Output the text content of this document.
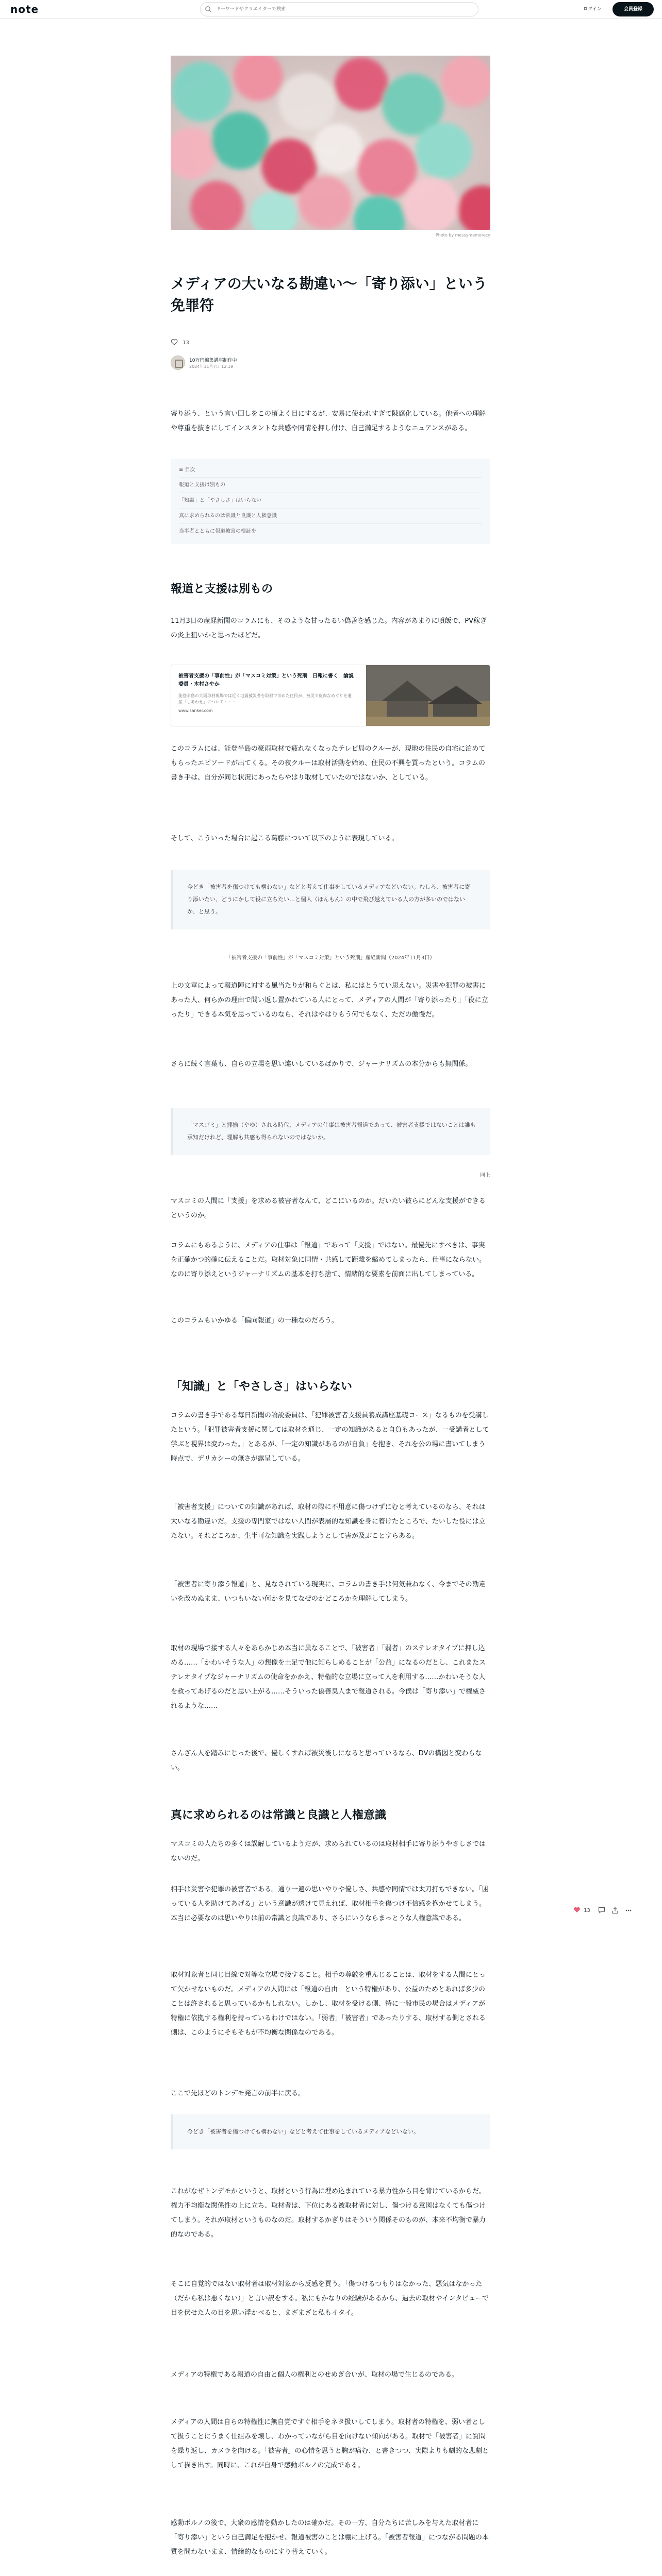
note
キーワードやクリエイターで検索	ログイン	会員登録
Photo by messymemorecy
メディアの大いなる勘違い〜「寄り添い」という免罪符
13
10万円編集講座制作中
2024年11月7日 12:19

寄り添う、という言い回しをこの頃よく目にするが、安易に使われすぎて陳腐化している。他者への理解や尊重を抜きにしてインスタントな共感や同情を押し付け、自己満足するようなニュアンスがある。

≡ 目次
報道と支援は別もの
「知識」と「やさしさ」はいらない
真に求められるのは常識と良識と人権意識
当事者とともに報道被害の検証を
報道と支援は別もの

11月3日の産経新聞のコラムにも、そのような甘ったるい偽善を感じた。内容があまりに噴飯で、PV稼ぎの炎上狙いかと思ったほどだ。

被害者支援の「事前性」が「マスコミ対策」という死刑　日報に書く　論説委員・木村さやか
能登半島の大雨取材現場では近く地震被災者を取材で泊めた住民が、被災で皮肉なめぐりを遺産「しあわせ」について・・・
www.sankei.com

このコラムには、能登半島の豪雨取材で疲れなくなったテレビ局のクルーが、現地の住民の自宅に泊めてもらったエピソードが出てくる。その夜クルーは取材活動を始め、住民の不興を買ったという。コラムの書き手は、自分が同じ状況にあったらやはり取材していたのではないか、としている。

そして、こういった場合に起こる葛藤について以下のように表現している。

今どき「被害者を傷つけても構わない」などと考えて仕事をしているメディアなどいない。むしろ、被害者に寄り添いたい、どうにかして役に立ちたい…と個人（ほんもん）の中で飛び越えている人の方が多いのではないか、と思う。
「被害者支援の「事前性」が「マスコミ対策」という死刑」産経新聞（2024年11月3日）

上の文章によって報道陣に対する風当たりが和らぐとは、私にはとうてい思えない。災害や犯罪の被害にあった人、何らかの理由で問い返し置かれている人にとって、メディアの人間が「寄り添ったり」「役に立ったり」できる本気を思っているのなら、それはやはりもう何でもなく、ただの傲慢だ。

さらに続く言葉も、自らの立場を思い違いしているばかりで、ジャーナリズムの本分からも無関係。

「マスゴミ」と揶揄（やゆ）される時代、メディアの仕事は被害者報道であって、被害者支援ではないことは誰も承知だけれど、理解も共感も得られないのではないか。
同上

マスコミの人間に「支援」を求める被害者なんて、どこにいるのか。だいたい彼らにどんな支援ができるというのか。

コラムにもあるように、メディアの仕事は「報道」であって「支援」ではない。最優先にすべきは、事実を正確かつ的確に伝えることだ。取材対象に同情・共感して距離を縮めてしまったら、仕事にならない。なのに寄り添えというジャーナリズムの基本を打ち捨て、情緒的な要素を前面に出してしまっている。

このコラムもいかゆる「偏向報道」の一種なのだろう。

「知識」と「やさしさ」はいらない

コラムの書き手である毎日新聞の論説委員は、「犯罪被害者支援員養成講座基礎コース」なるものを受講したという。「犯罪被害者支援に関しては取材を通じ、一定の知識があると自負もあったが、一受講者として学ぶと視界は変わった。」とあるが、「一定の知識があるのが自負」を抱き、それを公の場に書いてしまう時点で、デリカシーの無さが露呈している。

「被害者支援」についての知識があれば、取材の際に不用意に傷つけずにむと考えているのなら、それは大いなる勘違いだ。支援の専門家ではない人間が表層的な知識を身に着けたところで、たいした役には立たない。それどころか、生半可な知識を実践しようとして害が及ぶことすらある。

「被害者に寄り添う報道」と、見なされている現実に、コラムの書き手は何気兼ねなく、今までその勘違いを改めぬまま、いつもいない何かを見てなぜのかどころかを理解してしまう。

取材の現場で接する人々をあらかじめ本当に異なることで、「被害者」「弱者」のステレオタイプに押し込める……「かわいそうな人」の想像を土足で他に知らしめることが「公益」になるのだとし、これまたステレオタイプなジャーナリズムの使命をかかえ、特権的な立場に立って人を利用する……かわいそうな人を救ってあげるのだと思い上がる……そういった偽善臭人まで報道される。今僕は「寄り添い」で権威されるような……

さんざん人を踏みにじった後で、優しくすれば被災後しになると思っているなら、DVの構図と変わらない。

真に求められるのは常識と良識と人権意識

マスコミの人たちの多くは誤解しているようだが、求められているのは取材相手に寄り添うやさしさではないのだ。

相手は災害や犯罪の被害者である。通り一遍の思いやりや優しさ、共感や同情では太刀打ちできない。「困っている人を助けてあげる」という意識が透けて見えれば、取材相手を傷つけ不信感を抱かせてしまう。本当に必要なのは思いやりは前の常識と良識であり、さらにいうならまっとうな人権意識である。

取材対象者と同じ目線で対等な立場で接すること。相手の尊厳を重んじることは、取材をする人間にとって欠かせないものだ。メディアの人間には「報道の自由」という特権があり、公益のためとあれば多少のことは許されると思っているかもしれない。しかし、取材を受ける側、特に一般市民の場合はメディアが特権に依拠する権利を持っているわけではない。「弱者」「被害者」であったりする、取材する側とされる側は、このようにそもそもが不均衡な関係なのである。

ここで先ほどのトンデモ発言の前半に戻る。

今どき「被害者を傷つけても構わない」などと考えて仕事をしているメディアなどいない。

これがなぜトンデモかというと、取材という行為に埋め込まれている暴力性から目を背けているからだ。権力不均衡な関係性の上に立ち、取材者は、下位にある被取材者に対し、傷つける意図はなくても傷つけてしまう。それが取材というものなのだ。取材するかぎりはそういう関係そのものが、本来不均衡で暴力的なのである。

そこに自覚的ではない取材者は取材対象から反感を買う。「傷つけるつもりはなかった、悪気はなかった（だから私は悪くない）」と言い訳をする。私にもかなりの経験があるから、過去の取材やインタビューで目を伏せた人の目を思い浮かべると、まざまざと私もイタイ。

メディアの特権である報道の自由と個人の権利とのせめぎ合いが、取材の場で生じるのである。

メディアの人間は自らの特権性に無自覚ですぐ相手をネタ扱いしてしまう。取材者の特権を、弱い者として扱うことにうまく仕組みを壊し、わかっていながら目を向けない傾向がある。取材で「被害者」に質問を繰り返し、カメラを向ける。「被害者」の心情を思うと胸が痛む、と書きつつ、実際よりも劇的な悲劇として描き出す。同時に、これが自身で感動ポルノの完成である。

感動ポルノの後で、大衆の感情を動かしたのは確かだ。その一方、自分たちに苦しみを与えた取材者に「寄り添い」という自己満足を抱かせ、報道被害のことは棚に上げる。「被害者報道」につながる問題の本質を問わないまま、情緒的なものにすり替えていく。

13
